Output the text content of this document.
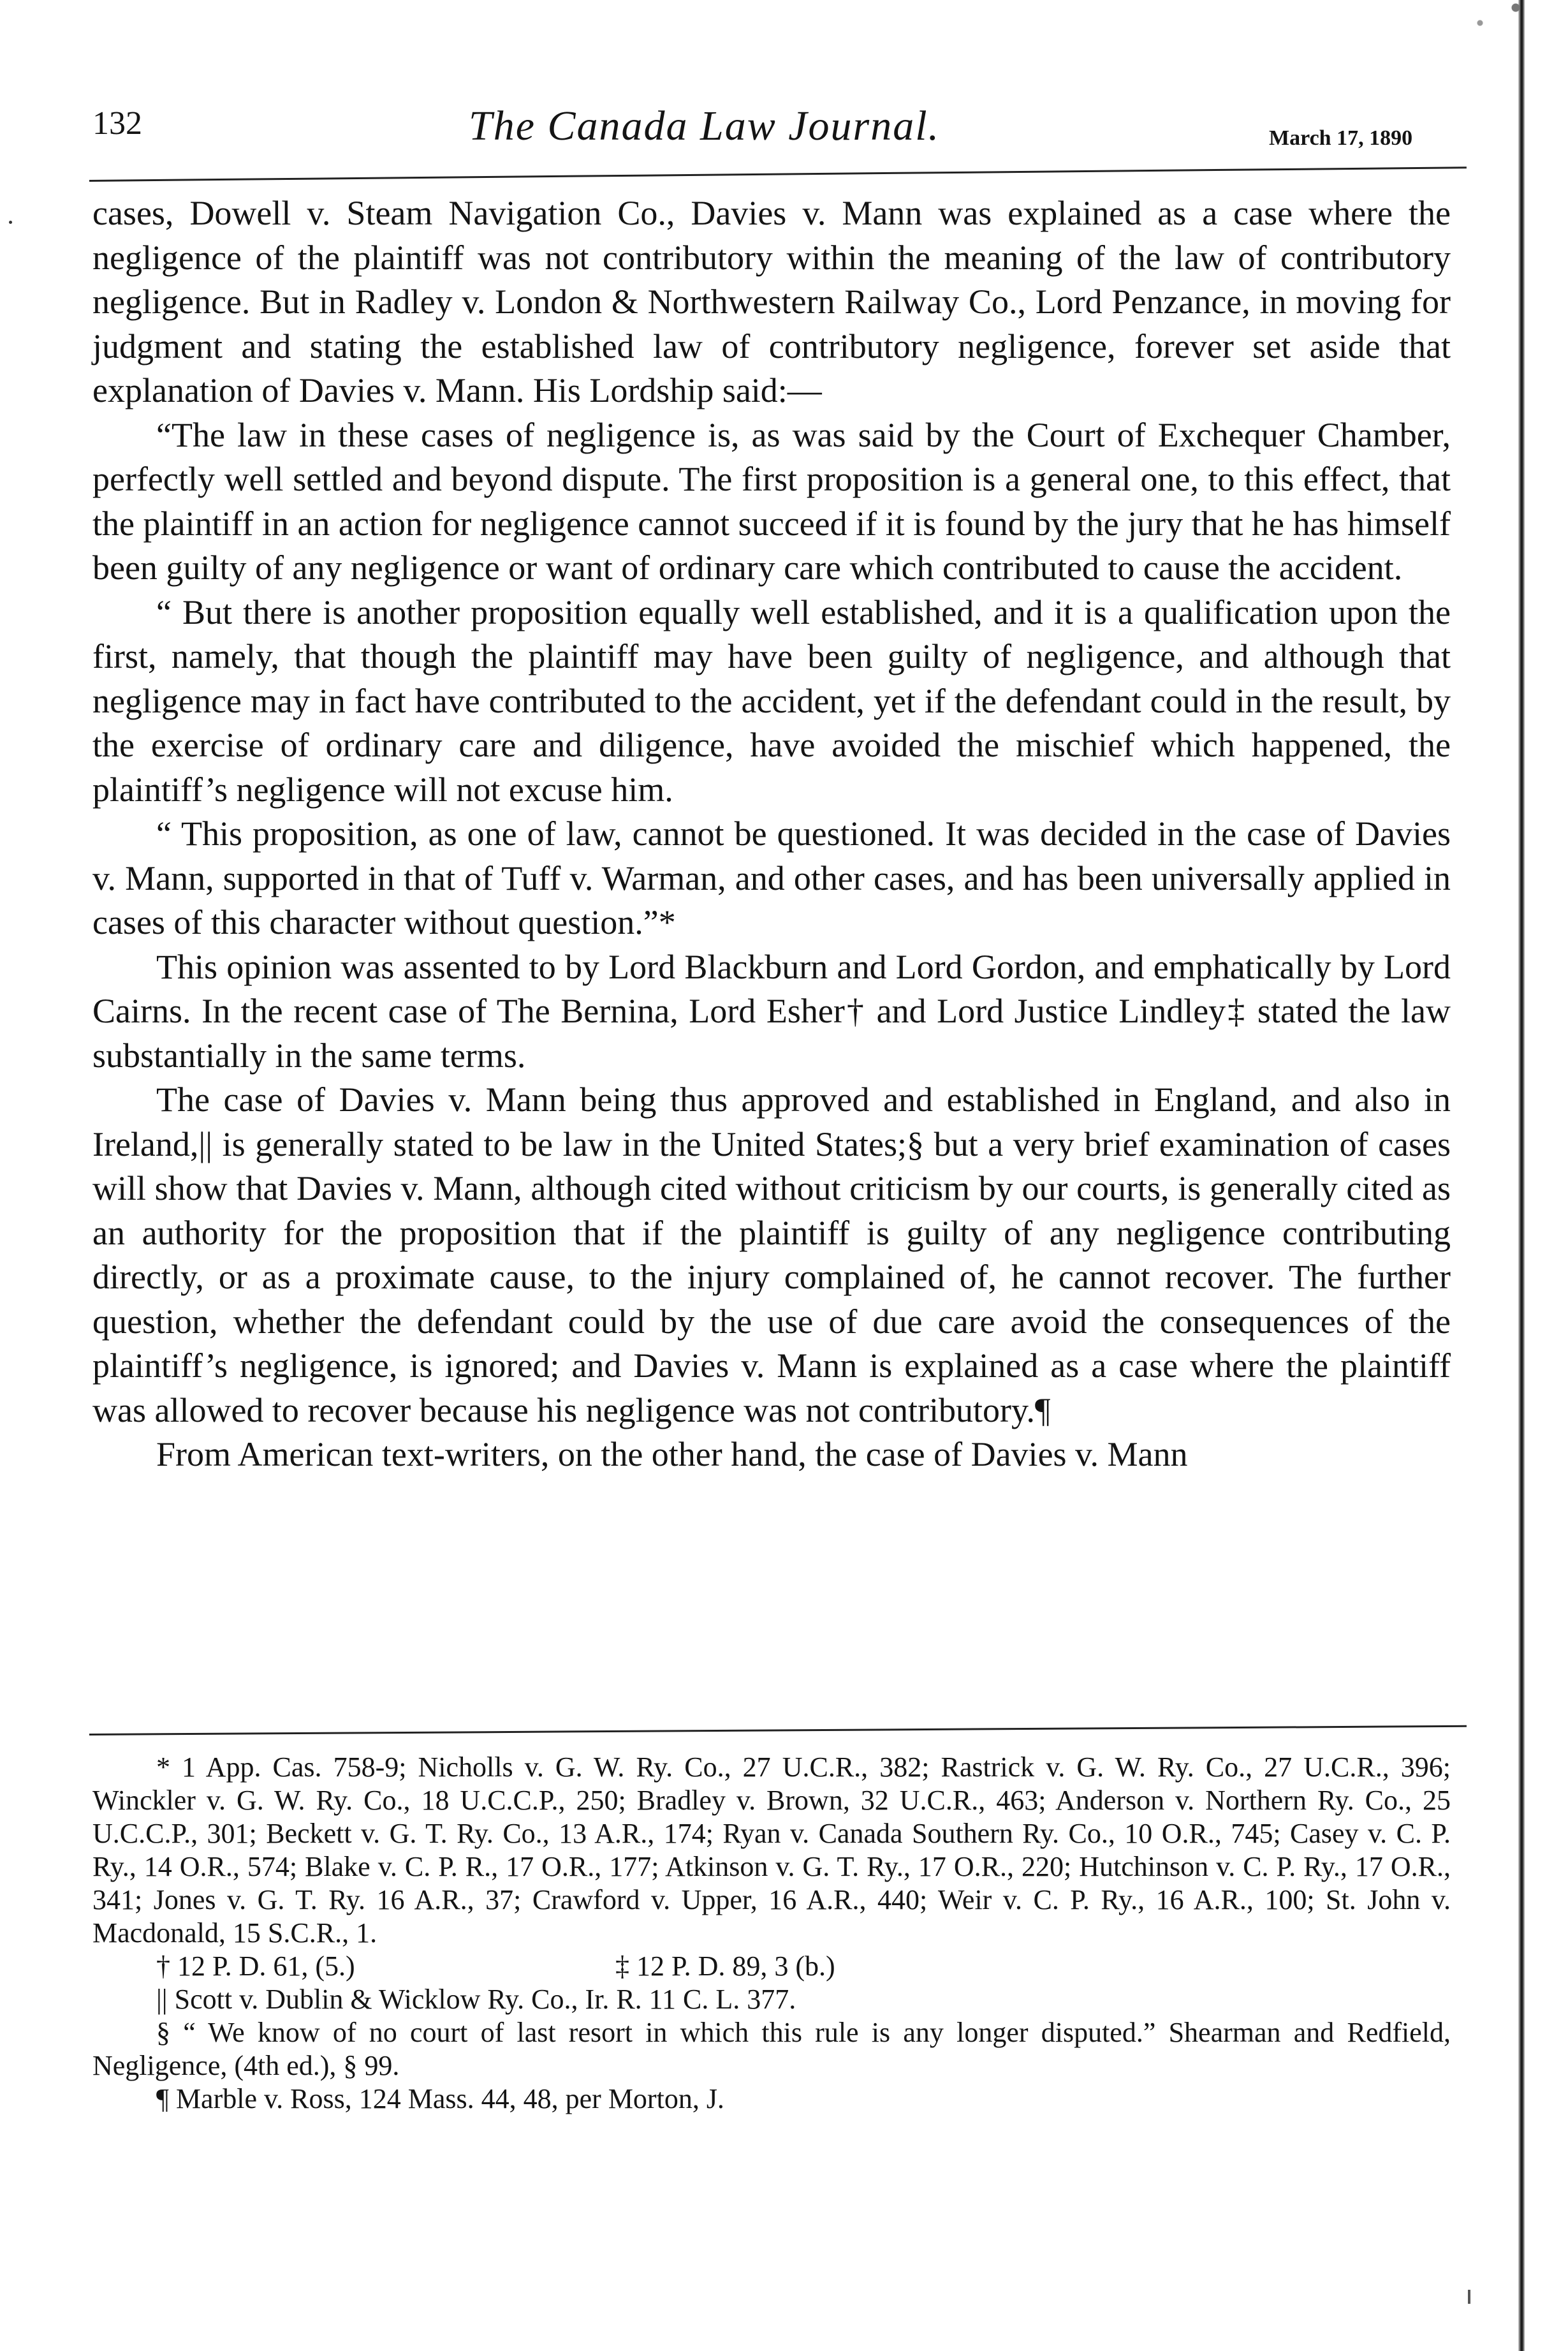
132	The Canada Law Journal.	March 17, 1890

cases, Dowell v. Steam Navigation Co., Davies v. Mann was explained as a case where the negligence of the plaintiff was not contributory within the meaning of the law of contributory negligence. But in Radley v. London & Northwestern Railway Co., Lord Penzance, in moving for judgment and stating the established law of contributory negligence, forever set aside that explanation of Davies v. Mann. His Lordship said:—

“The law in these cases of negligence is, as was said by the Court of Exchequer Chamber, perfectly well settled and beyond dispute. The first proposition is a general one, to this effect, that the plaintiff in an action for negligence cannot succeed if it is found by the jury that he has himself been guilty of any negligence or want of ordinary care which contributed to cause the accident.

“ But there is another proposition equally well established, and it is a qualification upon the first, namely, that though the plaintiff may have been guilty of negligence, and although that negligence may in fact have contributed to the accident, yet if the defendant could in the result, by the exercise of ordinary care and diligence, have avoided the mischief which happened, the plaintiff’s negligence will not excuse him.

“ This proposition, as one of law, cannot be questioned. It was decided in the case of Davies v. Mann, supported in that of Tuff v. Warman, and other cases, and has been universally applied in cases of this character without question.”*

This opinion was assented to by Lord Blackburn and Lord Gordon, and emphatically by Lord Cairns. In the recent case of The Bernina, Lord Esher† and Lord Justice Lindley‡ stated the law substantially in the same terms.

The case of Davies v. Mann being thus approved and established in England, and also in Ireland,|| is generally stated to be law in the United States;§ but a very brief examination of cases will show that Davies v. Mann, although cited without criticism by our courts, is generally cited as an authority for the proposition that if the plaintiff is guilty of any negligence contributing directly, or as a proximate cause, to the injury complained of, he cannot recover. The further question, whether the defendant could by the use of due care avoid the consequences of the plaintiff’s negligence, is ignored; and Davies v. Mann is explained as a case where the plaintiff was allowed to recover because his negligence was not contributory.¶

From American text-writers, on the other hand, the case of Davies v. Mann

* 1 App. Cas. 758-9; Nicholls v. G. W. Ry. Co., 27 U.C.R., 382; Rastrick v. G. W. Ry. Co., 27 U.C.R., 396; Winckler v. G. W. Ry. Co., 18 U.C.C.P., 250; Bradley v. Brown, 32 U.C.R., 463; Anderson v. Northern Ry. Co., 25 U.C.C.P., 301; Beckett v. G. T. Ry. Co., 13 A.R., 174; Ryan v. Canada Southern Ry. Co., 10 O.R., 745; Casey v. C. P. Ry., 14 O.R., 574; Blake v. C. P. R., 17 O.R., 177; Atkinson v. G. T. Ry., 17 O.R., 220; Hutchinson v. C. P. Ry., 17 O.R., 341; Jones v. G. T. Ry. 16 A.R., 37; Crawford v. Upper, 16 A.R., 440; Weir v. C. P. Ry., 16 A.R., 100; St. John v. Macdonald, 15 S.C.R., 1.

† 12 P. D. 61, (5.)	‡ 12 P. D. 89, 3 (b.)

|| Scott v. Dublin & Wicklow Ry. Co., Ir. R. 11 C. L. 377.

§ “ We know of no court of last resort in which this rule is any longer disputed.” Shearman and Redfield, Negligence, (4th ed.), § 99.

¶ Marble v. Ross, 124 Mass. 44, 48, per Morton, J.
